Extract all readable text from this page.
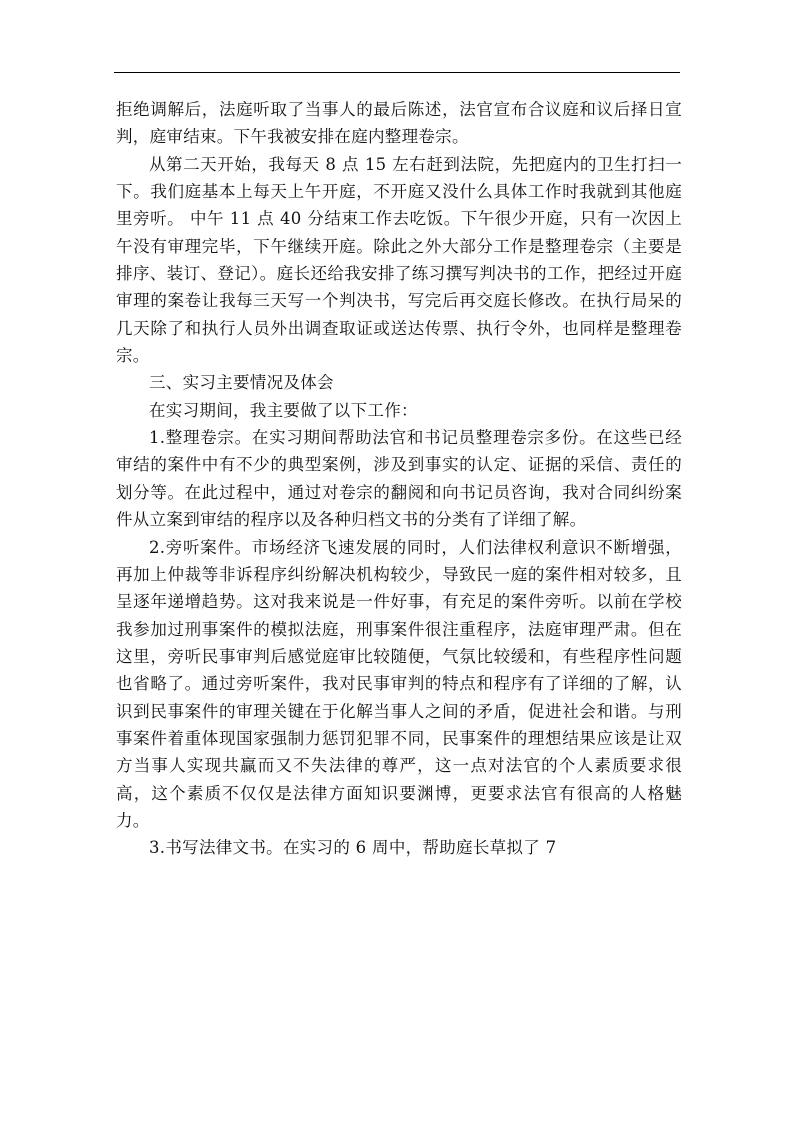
拒绝调解后，法庭听取了当事人的最后陈述，法官宣布合议庭和议后择日宣判，庭审结束。下午我被安排在庭内整理卷宗。

从第二天开始，我每天 8 点 15 左右赶到法院，先把庭内的卫生打扫一下。我们庭基本上每天上午开庭，不开庭又没什么具体工作时我就到其他庭里旁听。 中午 11 点 40 分结束工作去吃饭。下午很少开庭，只有一次因上午没有审理完毕，下午继续开庭。除此之外大部分工作是整理卷宗（主要是排序、装订、登记）。庭长还给我安排了练习撰写判决书的工作，把经过开庭审理的案卷让我每三天写一个判决书，写完后再交庭长修改。在执行局呆的几天除了和执行人员外出调查取证或送达传票、执行令外，也同样是整理卷宗。

三、实习主要情况及体会

在实习期间，我主要做了以下工作：

1.整理卷宗。在实习期间帮助法官和书记员整理卷宗多份。在这些已经审结的案件中有不少的典型案例，涉及到事实的认定、证据的采信、责任的划分等。在此过程中，通过对卷宗的翻阅和向书记员咨询，我对合同纠纷案件从立案到审结的程序以及各种归档文书的分类有了详细了解。

2.旁听案件。市场经济飞速发展的同时，人们法律权利意识不断增强，再加上仲裁等非诉程序纠纷解决机构较少，导致民一庭的案件相对较多，且呈逐年递增趋势。这对我来说是一件好事，有充足的案件旁听。以前在学校我参加过刑事案件的模拟法庭，刑事案件很注重程序，法庭审理严肃。但在这里，旁听民事审判后感觉庭审比较随便，气氛比较缓和，有些程序性问题也省略了。通过旁听案件，我对民事审判的特点和程序有了详细的了解，认识到民事案件的审理关键在于化解当事人之间的矛盾，促进社会和谐。与刑事案件着重体现国家强制力惩罚犯罪不同，民事案件的理想结果应该是让双方当事人实现共赢而又不失法律的尊严，这一点对法官的个人素质要求很高，这个素质不仅仅是法律方面知识要渊博，更要求法官有很高的人格魅力。

3.书写法律文书。在实习的 6 周中，帮助庭长草拟了 7
